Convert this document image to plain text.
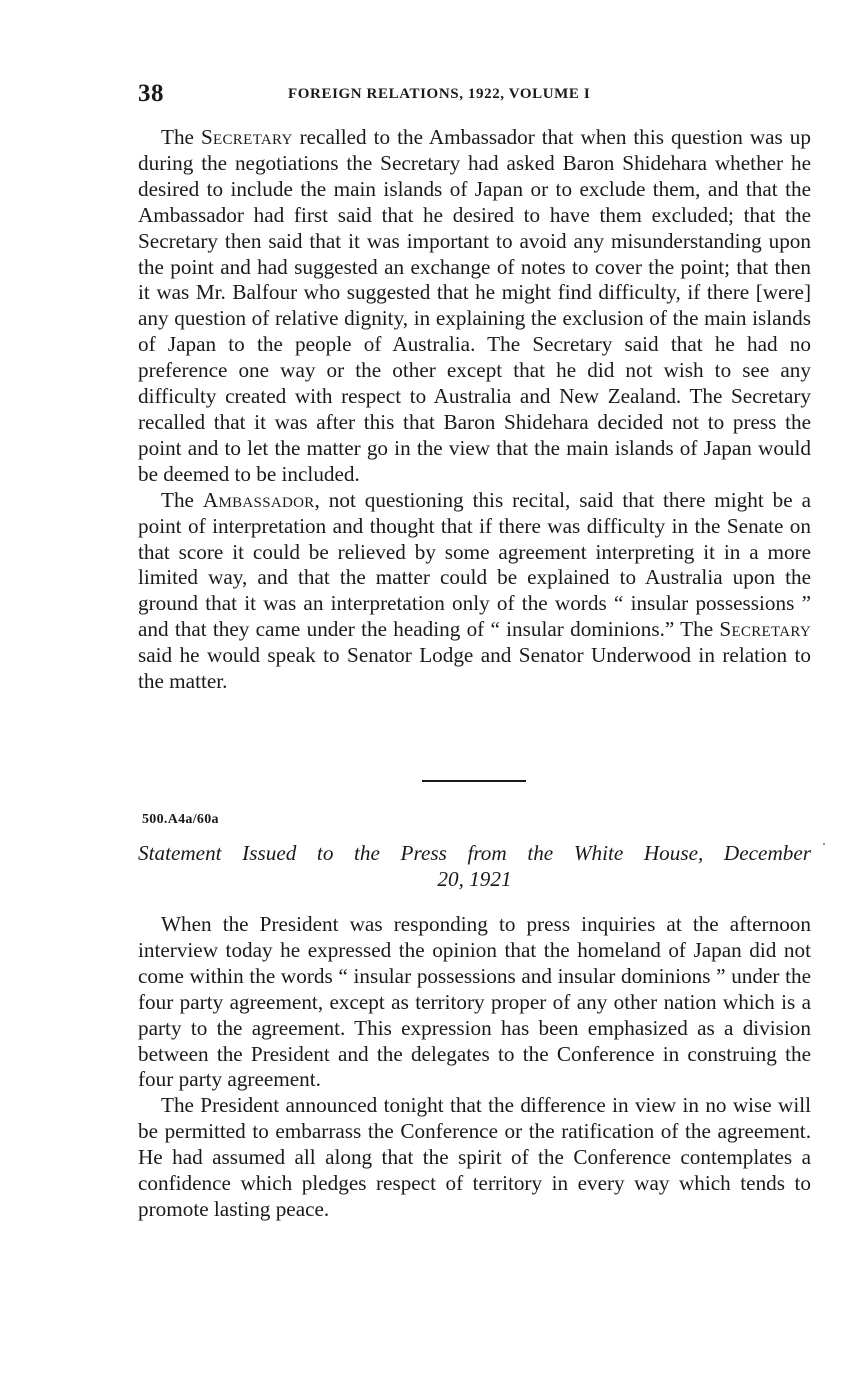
38	FOREIGN RELATIONS, 1922, VOLUME I

The Secretary recalled to the Ambassador that when this question was up during the negotiations the Secretary had asked Baron Shidehara whether he desired to include the main islands of Japan or to exclude them, and that the Ambassador had first said that he desired to have them excluded; that the Secretary then said that it was important to avoid any misunderstanding upon the point and had suggested an exchange of notes to cover the point; that then it was Mr. Balfour who suggested that he might find difficulty, if there [were] any question of relative dignity, in explaining the exclusion of the main islands of Japan to the people of Australia. The Secretary said that he had no preference one way or the other except that he did not wish to see any difficulty created with respect to Australia and New Zealand. The Secretary recalled that it was after this that Baron Shidehara decided not to press the point and to let the matter go in the view that the main islands of Japan would be deemed to be included.

The Ambassador, not questioning this recital, said that there might be a point of interpretation and thought that if there was difficulty in the Senate on that score it could be relieved by some agreement interpreting it in a more limited way, and that the matter could be explained to Australia upon the ground that it was an interpretation only of the words “ insular possessions ” and that they came under the heading of “ insular dominions.” The Secretary said he would speak to Senator Lodge and Senator Underwood in relation to the matter.

500.A4a/60a
Statement Issued to the Press from the White House, December
20, 1921

When the President was responding to press inquiries at the afternoon interview today he expressed the opinion that the homeland of Japan did not come within the words “ insular possessions and insular dominions ” under the four party agreement, except as territory proper of any other nation which is a party to the agreement. This expression has been emphasized as a division between the President and the delegates to the Conference in construing the four party agreement.

The President announced tonight that the difference in view in no wise will be permitted to embarrass the Conference or the ratification of the agreement. He had assumed all along that the spirit of the Conference contemplates a confidence which pledges respect of territory in every way which tends to promote lasting peace.
